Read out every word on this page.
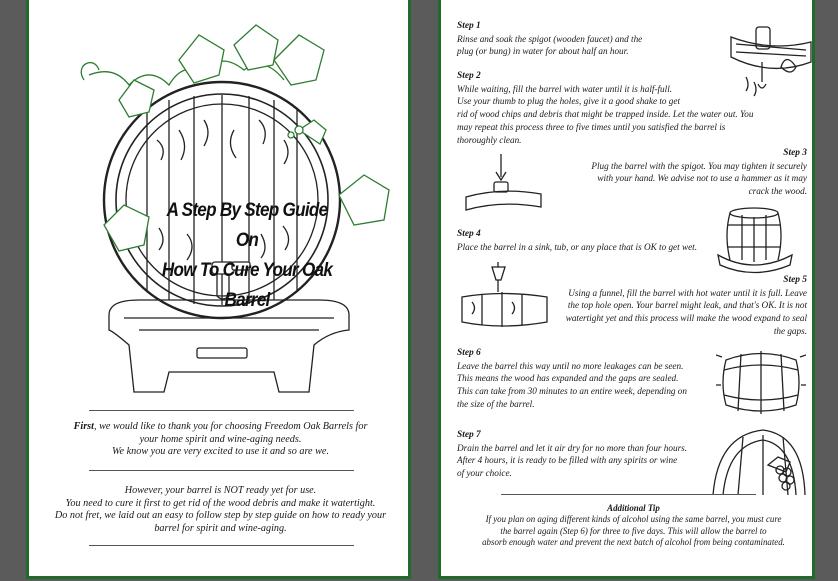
A Step By Step Guide On
How To Cure Your Oak Barrel
First, we would like to thank you for choosing Freedom Oak Barrels for
your home spirit and wine-aging needs.
We know you are very excited to use it and so are we.
However, your barrel is NOT ready yet for use.
You need to cure it first to get rid of the wood debris and make it watertight.
Do not fret, we laid out an easy to follow step by step guide on how to ready your
barrel for spirit and wine-aging.
Step 1
Rinse and soak the spigot (wooden faucet) and the
plug (or bung) in water for about half an hour.
Step 2
While waiting, fill the barrel with water until it is half-full.
Use your thumb to plug the holes, give it a good shake to get
rid of wood chips and debris that might be trapped inside. Let the water out. You
may repeat this process three to five times until you satisfied the barrel is
thoroughly clean.
Step 3
Plug the barrel with the spigot. You may tighten it securely
with your hand. We advise not to use a hammer as it may
crack the wood.
Step 4
Place the barrel in a sink, tub, or any place that is OK to get wet.
Step 5
Using a funnel, fill the barrel with hot water until it is full. Leave
the top hole open. Your barrel might leak, and that's OK. It is not
watertight yet and this process will make the wood expand to seal
the gaps.
Step 6
Leave the barrel this way until no more leakages can be seen.
This means the wood has expanded and the gaps are sealed.
This can take from 30 minutes to an entire week, depending on
the size of the barrel.
Step 7
Drain the barrel and let it air dry for no more than four hours.
After 4 hours, it is ready to be filled with any spirits or wine
of your choice.
Additional Tip
If you plan on aging different kinds of alcohol using the same barrel, you must cure
the barrel again (Step 6) for three to five days. This will allow the barrel to
absorb enough water and prevent the next batch of alcohol from being contaminated.
